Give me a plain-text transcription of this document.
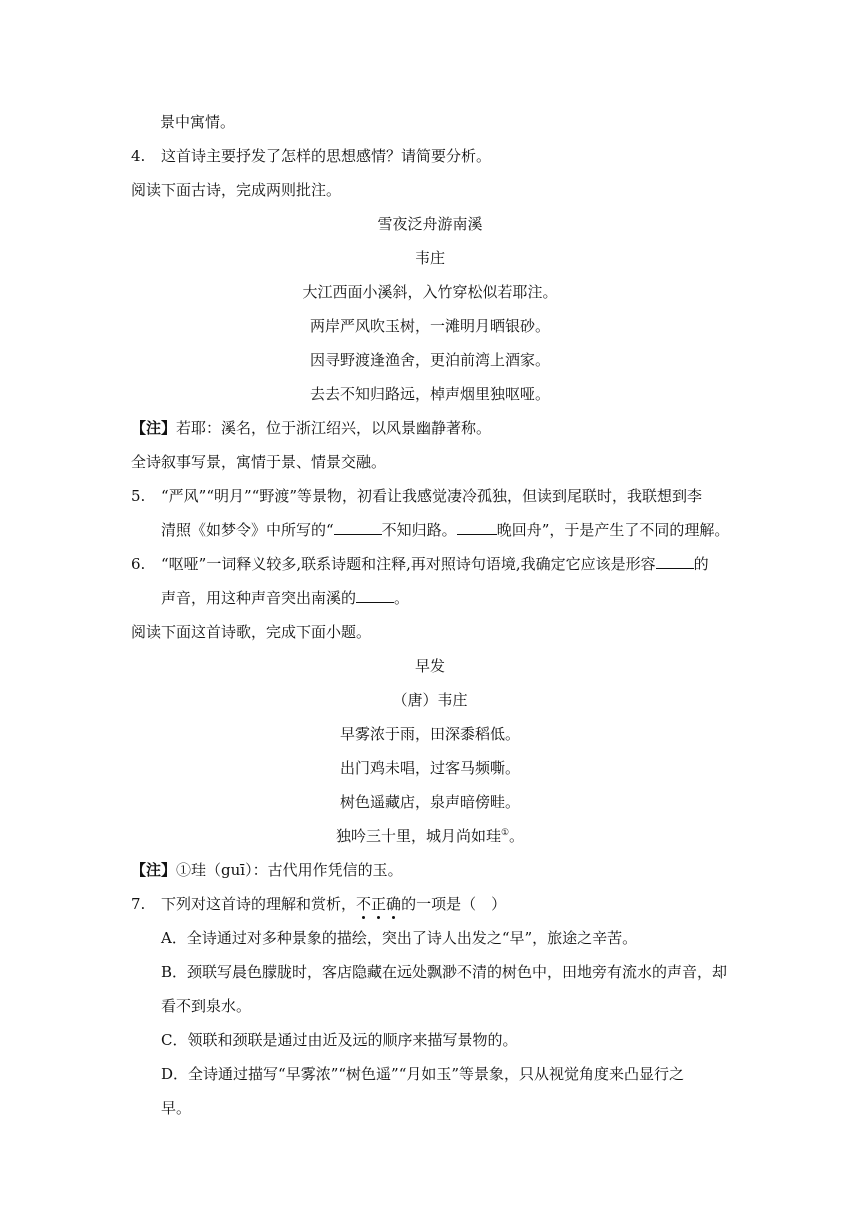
景中寓情。
4. 这首诗主要抒发了怎样的思想感情？请简要分析。
阅读下面古诗，完成两则批注。
雪夜泛舟游南溪
韦庄
大江西面小溪斜，入竹穿松似若耶注。
两岸严风吹玉树，一滩明月晒银砂。
因寻野渡逢渔舍，更泊前湾上酒家。
去去不知归路远，棹声烟里独呕哑。
【注】若耶：溪名，位于浙江绍兴，以风景幽静著称。
全诗叙事写景，寓情于景、情景交融。
5. “严风”“明月”“野渡”等景物，初看让我感觉凄冷孤独，但读到尾联时，我联想到李
清照《如梦令》中所写的“	不知归路。	晚回舟”，于是产生了不同的理解。
6. “呕哑”一词释义较多,联系诗题和注释,再对照诗句语境,我确定它应该是形容	的
声音，用这种声音突出南溪的	。
阅读下面这首诗歌，完成下面小题。
早发
（唐）韦庄
早雾浓于雨，田深黍稻低。
出门鸡未唱，过客马频嘶。
树色遥藏店，泉声暗傍畦。
独吟三十里，城月尚如珪①。
【注】①珪（guī）：古代用作凭信的玉。
7. 下列对这首诗的理解和赏析，不正确的一项是（　）
A．全诗通过对多种景象的描绘，突出了诗人出发之“早”，旅途之辛苦。
B．颈联写晨色朦胧时，客店隐藏在远处飘渺不清的树色中，田地旁有流水的声音，却
看不到泉水。
C．领联和颈联是通过由近及远的顺序来描写景物的。
D．全诗通过描写“早雾浓”“树色遥”“月如玉”等景象，只从视觉角度来凸显行之
早。
